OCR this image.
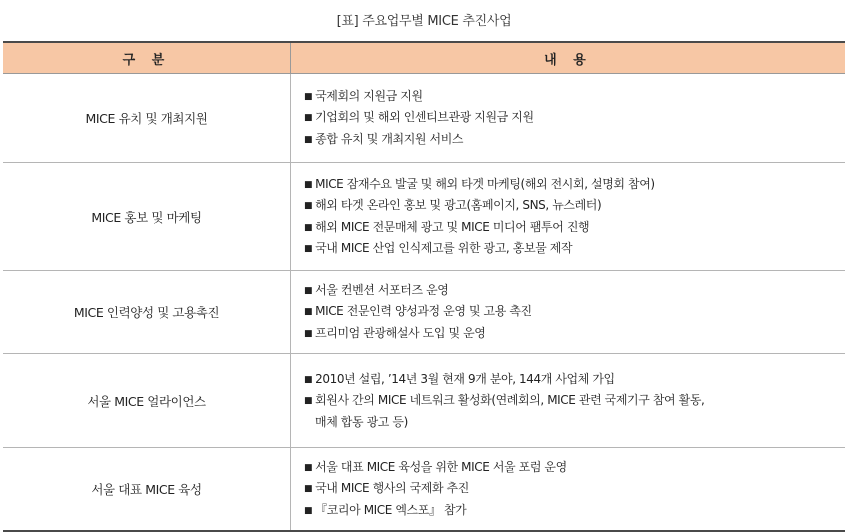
[표] 주요업무별 MICE 추진사업
구 분	내 용
MICE 유치 및 개최지원	■ 국제회의 지원금 지원
■ 기업회의 및 해외 인센티브관광 지원금 지원
■ 종합 유치 및 개최지원 서비스

MICE 홍보 및 마케팅	■ MICE 잠재수요 발굴 및 해외 타겟 마케팅(해외 전시회, 설명회 참여)
■ 해외 타겟 온라인 홍보 및 광고(홈페이지, SNS, 뉴스레터)
■ 해외 MICE 전문매체 광고 및 MICE 미디어 팸투어 진행
■ 국내 MICE 산업 인식제고를 위한 광고, 홍보물 제작

MICE 인력양성 및 고용촉진	■ 서울 컨벤션 서포터즈 운영
■ MICE 전문인력 양성과정 운영 및 고용 촉진
■ 프리미엄 관광해설사 도입 및 운영

서울 MICE 얼라이언스	■ 2010년 설립, ’14년 3월 현재 9개 분야, 144개 사업체 가입
■ 회원사 간의 MICE 네트워크 활성화(연례회의, MICE 관련 국제기구 참여 활동,
매체 합동 광고 등)

서울 대표 MICE 육성	■ 서울 대표 MICE 육성을 위한 MICE 서울 포럼 운영
■ 국내 MICE 행사의 국제화 추진
■ 『코리아 MICE 엑스포』 참가
